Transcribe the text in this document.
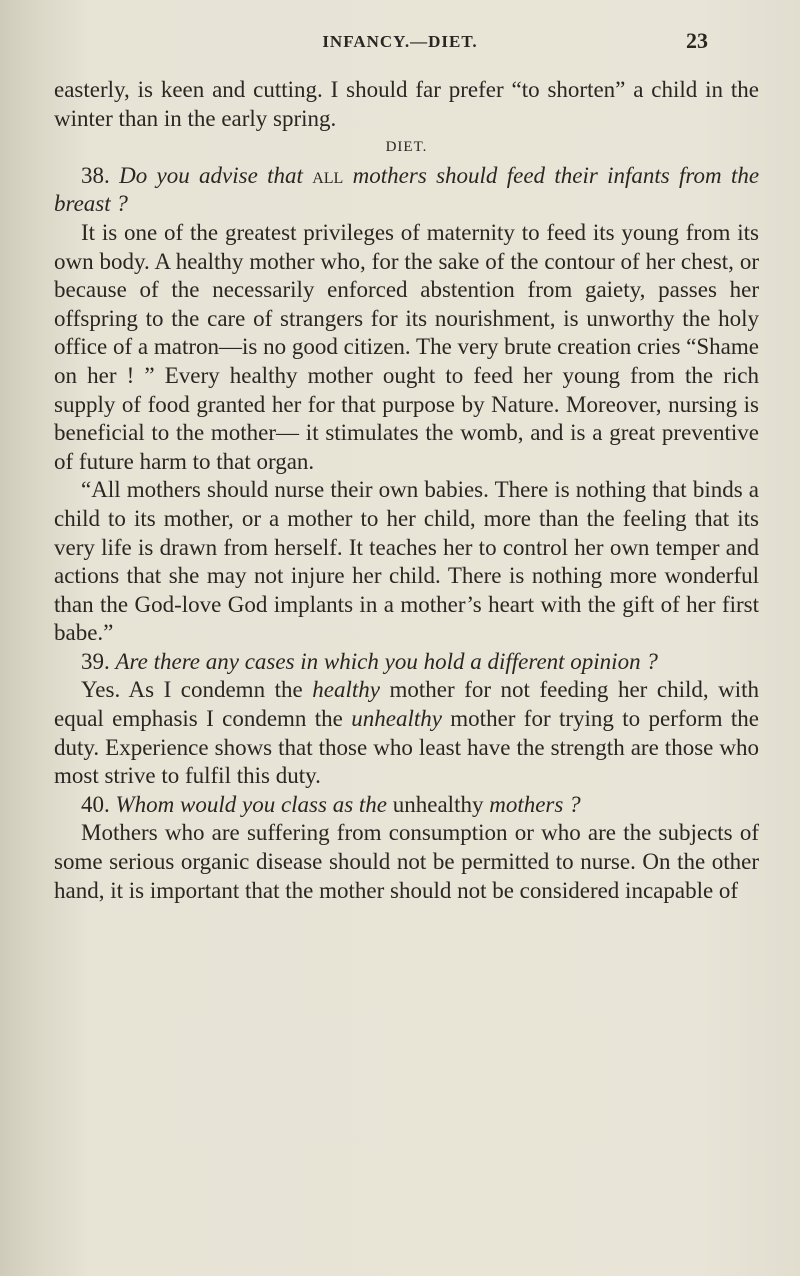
INFANCY.—DIET.	23

easterly, is keen and cutting. I should far prefer “to shorten” a child in the winter than in the early spring.

DIET.

38. Do you advise that all mothers should feed their infants from the breast ?

It is one of the greatest privileges of maternity to feed its young from its own body. A healthy mother who, for the sake of the contour of her chest, or because of the necessarily enforced abstention from gaiety, passes her offspring to the care of strangers for its nourishment, is unworthy the holy office of a matron—is no good citizen. The very brute creation cries “Shame on her ! ” Every healthy mother ought to feed her young from the rich supply of food granted her for that purpose by Nature. Moreover, nursing is beneficial to the mother— it stimulates the womb, and is a great preventive of future harm to that organ.

“All mothers should nurse their own babies. There is nothing that binds a child to its mother, or a mother to her child, more than the feeling that its very life is drawn from herself. It teaches her to control her own temper and actions that she may not injure her child. There is nothing more wonderful than the God-love God implants in a mother’s heart with the gift of her first babe.”

39. Are there any cases in which you hold a different opinion ?

Yes. As I condemn the healthy mother for not feeding her child, with equal emphasis I condemn the unhealthy mother for trying to perform the duty. Experience shows that those who least have the strength are those who most strive to fulfil this duty.

40. Whom would you class as the unhealthy mothers ?

Mothers who are suffering from consumption or who are the subjects of some serious organic disease should not be permitted to nurse. On the other hand, it is important that the mother should not be considered incapable of
